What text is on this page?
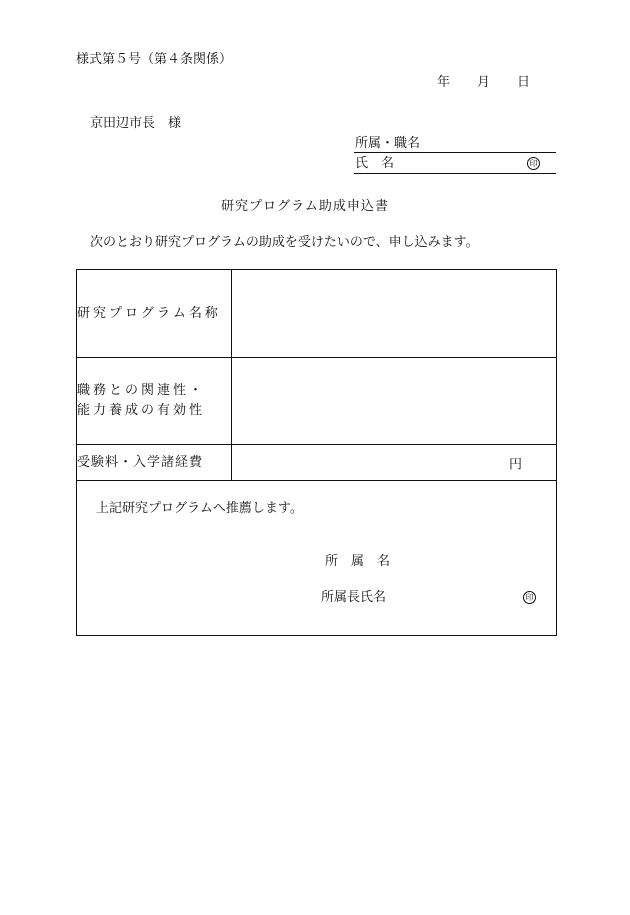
様式第５号（第４条関係）
年 月 日
京田辺市長　様
所属・職名
氏　名	印
研究プログラム助成申込書
次のとおり研究プログラムの助成を受けたいので、申し込みます。
研究プログラム名称	

職務との関連性・
能力養成の有効性	

受験料・入学諸経費	円

上記研究プログラムへ推薦します。
所　属　名
所属長氏名 印	
